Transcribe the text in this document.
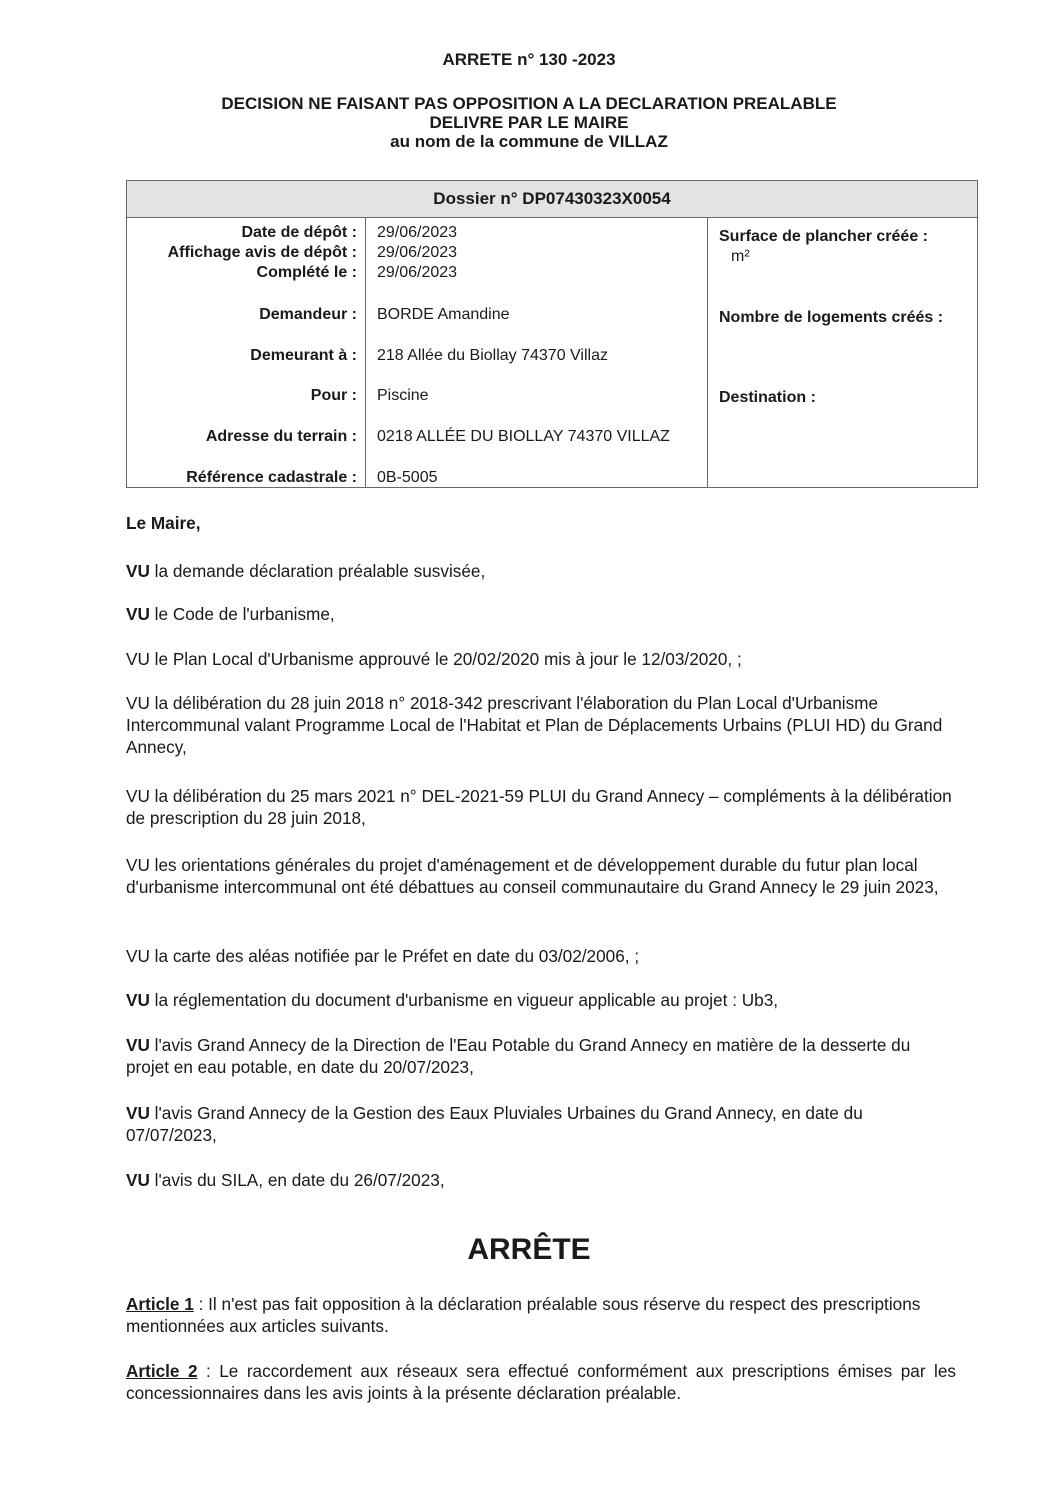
ARRETE n° 130 -2023
DECISION NE FAISANT PAS OPPOSITION A LA DECLARATION PREALABLE
DELIVRE PAR LE MAIRE
au nom de la commune de VILLAZ
Dossier n° DP07430323X0054
Date de dépôt :
Affichage avis de dépôt :
Complété le :
29/06/2023
29/06/2023
29/06/2023
Demandeur : BORDE Amandine
Demeurant à : 218 Allée du Biollay 74370 Villaz
Pour : Piscine
Adresse du terrain : 0218 ALLÉE DU BIOLLAY 74370 VILLAZ
Référence cadastrale : 0B-5005
Surface de plancher créée :
m²
Nombre de logements créés :
Destination :
Le Maire,
VU la demande déclaration préalable susvisée,
VU le Code de l'urbanisme,
VU le Plan Local d'Urbanisme approuvé le 20/02/2020 mis à jour le 12/03/2020, ;
VU la délibération du 28 juin 2018 n° 2018-342 prescrivant l'élaboration du Plan Local d'Urbanisme Intercommunal valant Programme Local de l'Habitat et Plan de Déplacements Urbains (PLUI HD) du Grand Annecy,
VU la délibération du 25 mars 2021 n° DEL-2021-59 PLUI du Grand Annecy – compléments à la délibération de prescription du 28 juin 2018,
VU les orientations générales du projet d'aménagement et de développement durable du futur plan local d'urbanisme intercommunal ont été débattues au conseil communautaire du Grand Annecy le 29 juin 2023,
VU la carte des aléas notifiée par le Préfet en date du 03/02/2006, ;
VU la réglementation du document d'urbanisme en vigueur applicable au projet : Ub3,
VU l'avis Grand Annecy de la Direction de l'Eau Potable du Grand Annecy en matière de la desserte du projet en eau potable, en date du 20/07/2023,
VU l'avis Grand Annecy de la Gestion des Eaux Pluviales Urbaines du Grand Annecy, en date du 07/07/2023,
VU l'avis du SILA, en date du 26/07/2023,
ARRÊTE
Article 1 : Il n'est pas fait opposition à la déclaration préalable sous réserve du respect des prescriptions mentionnées aux articles suivants.
Article 2 : Le raccordement aux réseaux sera effectué conformément aux prescriptions émises par les concessionnaires dans les avis joints à la présente déclaration préalable.
